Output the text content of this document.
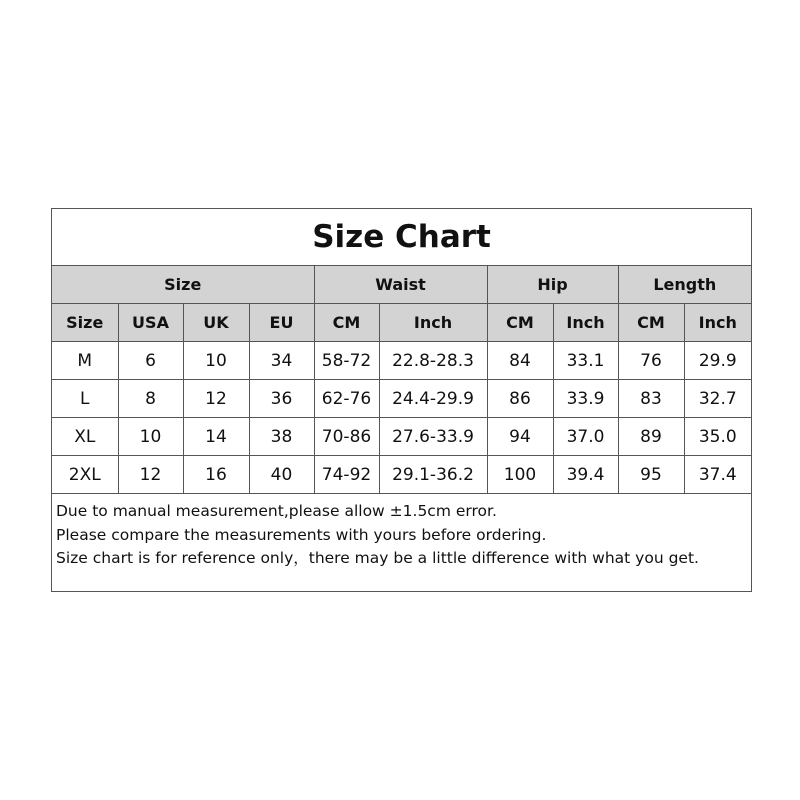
Size Chart									
Size				Waist		Hip		Length	
Size	USA	UK	EU	CM	Inch	CM	Inch	CM	Inch
M	6	10	34	58-72	22.8-28.3	84	33.1	76	29.9
L	8	12	36	62-76	24.4-29.9	86	33.9	83	32.7
XL	10	14	38	70-86	27.6-33.9	94	37.0	89	35.0
2XL	12	16	40	74-92	29.1-36.2	100	39.4	95	37.4
Due to manual measurement,please allow ±1.5cm error.
Please compare the measurements with yours before ordering.
Size chart is for reference only，there may be a little difference with what you get.
